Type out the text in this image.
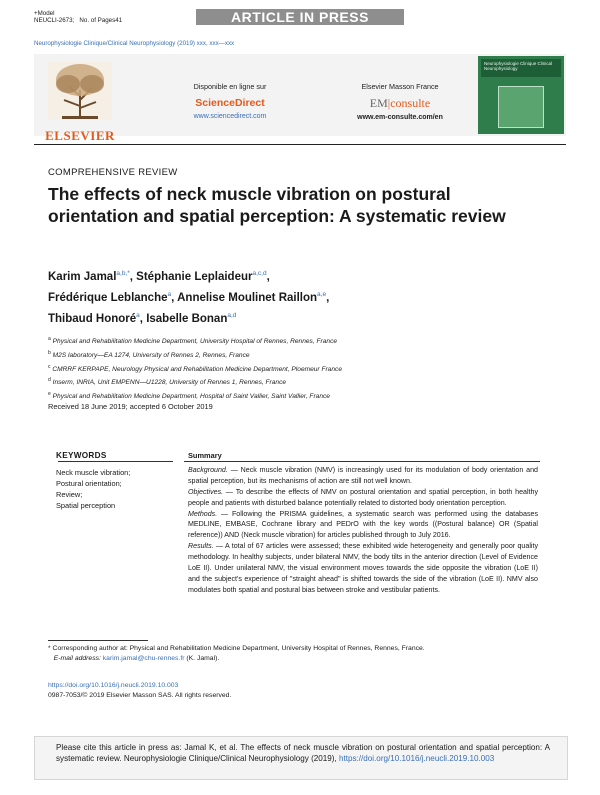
+Model
NEUCLI-2673; No. of Pages41	ARTICLE IN PRESS
Neurophysiologie Clinique/Clinical Neurophysiology (2019) xxx, xxx—xxx
ELSEVIER
Disponible en ligne sur
ScienceDirect
www.sciencedirect.com
Elsevier Masson France
EM|consulte
www.em-consulte.com/en
Neurophysiologie Clinique Clinical Neurophysiology
COMPREHENSIVE REVIEW
The effects of neck muscle vibration on postural orientation and spatial perception: A systematic review
Karim Jamal$^{a,b,*}$, Stéphanie Leplaideur$^{a,c,d}$,
Frédérique Leblanche$^a$, Annelise Moulinet Raillon$^{a,e}$,
Thibaud Honoré$^a$, Isabelle Bonan$^{a,d}$
$^a$ Physical and Rehabilitation Medicine Department, University Hospital of Rennes, Rennes, France
$^b$ M2S laboratory—EA 1274, University of Rennes 2, Rennes, France
$^c$ CMRRF KERPAPE, Neurology Physical and Rehabilitation Medicine Department, Ploemeur France
$^d$ Inserm, INRIA, Unit EMPENN—U1228, University of Rennes 1, Rennes, France
$^e$ Physical and Rehabilitation Medicine Department, Hospital of Saint Vallier, Saint Vallier, France
Received 18 June 2019; accepted 6 October 2019
KEYWORDS
Neck muscle vibration;
Postural orientation;
Review;
Spatial perception
Summary
Background. — Neck muscle vibration (NMV) is increasingly used for its modulation of body orientation and spatial perception, but its mechanisms of action are still not well known.
Objectives. — To describe the effects of NMV on postural orientation and spatial perception, in both healthy people and patients with disturbed balance potentially related to distorted body orientation perception.
Methods. — Following the PRISMA guidelines, a systematic search was performed using the databases MEDLINE, EMBASE, Cochrane library and PEDrO with the key words ((Postural balance) OR (Spatial reference)) AND (Neck muscle vibration) for articles published through to July 2016.
Results. — A total of 67 articles were assessed; these exhibited wide heterogeneity and generally poor quality methodology. In healthy subjects, under bilateral NMV, the body tilts in the anterior direction (Level of Evidence LoE II). Under unilateral NMV, the visual environment moves towards the side opposite the vibration (LoE II) and the subject's experience of ''straight ahead'' is shifted towards the side of the vibration (LoE II). NMV also modulates both spatial and postural bias between stroke and vestibular patients.
* Corresponding author at: Physical and Rehabilitation Medicine Department, University Hospital of Rennes, Rennes, France.
E-mail address: karim.jamal@chu-rennes.fr (K. Jamal).
https://doi.org/10.1016/j.neucli.2019.10.003
0987-7053/© 2019 Elsevier Masson SAS. All rights reserved.
Please cite this article in press as: Jamal K, et al. The effects of neck muscle vibration on postural orientation and spatial perception: A systematic review. Neurophysiologie Clinique/Clinical Neurophysiology (2019), https://doi.org/10.1016/j.neucli.2019.10.003
